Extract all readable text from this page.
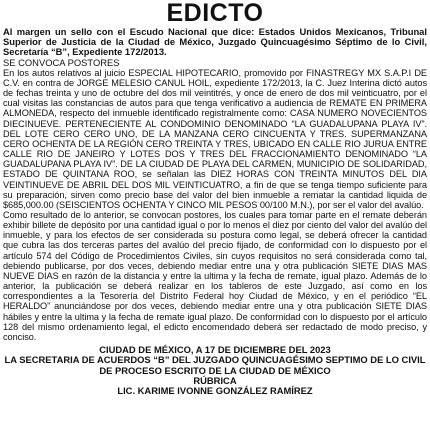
EDICTO

Al margen un sello con el Escudo Nacional que dice: Estados Unidos Mexicanos, Tribunal Superior de Justicia de la Ciudad de México, Juzgado Quincuagésimo Séptimo de lo Civil, Secretaría “B”, Expediente 172/2013.

SE CONVOCA POSTORES

En los autos relativos al juicio ESPECIAL HIPOTECARIO, promovido por FINASTREGY MX S.A.P.I DE C.V. en contra de JORGE MELESIO CANUL HOIL, expediente 172/2013, la C. Juez Interina dictó autos de fechas treinta y uno de octubre del dos mil veintitrés, y once de enero de dos mil veinticuatro, por el cual visitas las constancias de autos para que tenga verificativo a audiencia de REMATE EN PRIMERA ALMONEDA, respecto del inmueble identificado registralmente como: CASA NUMERO NOVECIENTOS DIECINUEVE. PERTENECIENTE AL CONDOMINIO DENOMINADO “LA GUADALUPANA PLAYA IV”. DEL LOTE CERO CERO UNO, DE LA MANZANA CERO CINCUENTA Y TRES. SUPERMANZANA CERO OCHENTA DE LA REGIÓN CERO TREINTA Y TRES, UBICADO EN CALLE RIO JURUA ENTRE CALLE RIO DE JANEIRO Y LOTES DOS Y TRES DEL FRACCIONAMIENTO DENOMINADO “LA GUADALUPANA PLAYA IV”. DE LA CIUDAD DE PLAYA DEL CARMEN, MUNICIPIO DE SOLIDARIDAD, ESTADO DE QUINTANA ROO, se señalan las DIEZ HORAS CON TREINTA MINUTOS DEL DIA VEINTINUEVE DE ABRIL DEL DOS MIL VEINTICUATRO, a fin de que se tenga tiempo suficiente para su preparación, sirven como precio base del valor del bien inmueble a rematar la cantidad liquida de $685,000.00 (SEISCIENTOS OCHENTA Y CINCO MIL PESOS 00/100 M.N.), por ser el valor del avalúo.

Como resultado de lo anterior, se convocan postores, los cuales para tomar parte en el remate deberán exhibir billete de depósito por una cantidad igual o por lo menos el diez por ciento del valor del avalúo del inmueble, y para los efectos de ser considerada su postura como legal, se deberá ofrecer la cantidad que cubra las dos terceras partes del avalúo del precio fijado, de conformidad con lo dispuesto por el artículo 574 del Código de Procedimientos Civiles, sin cuyos requisitos no será considerada como tal, debiendo publicarse, por dos veces, debiendo mediar entre una y otra publicación SIETE DIAS MAS NUEVE DIAS en razón de la distancia y entre la ultima y la fecha de remate, igual plazo. Además de lo anterior, la publicación se deberá realizar en los tableros de este Juzgado, así como en los correspondientes a la Tesorería del Distrito Federal hoy Ciudad de México, y en el periódico “EL HERALDO” anunciándose por dos veces, debiendo mediar entre una y otra publicación SIETE DIAS hábiles y entre la ultima y la fecha de remate igual plazo. De conformidad con lo dispuesto por el artículo 128 del mismo ordenamiento legal, el edicto encomendado deberá ser redactado de modo preciso, y conciso.

CIUDAD DE MÉXICO, A 17 DE DICIEMBRE DEL 2023

LA SECRETARIA DE ACUERDOS “B” DEL JUZGADO QUINCUAGÉSIMO SEPTIMO DE LO CIVIL DE PROCESO ESCRITO DE LA CIUDAD DE MÉXICO

RÚBRICA

LIC. KARIME IVONNE GONZÁLEZ RAMÍREZ
